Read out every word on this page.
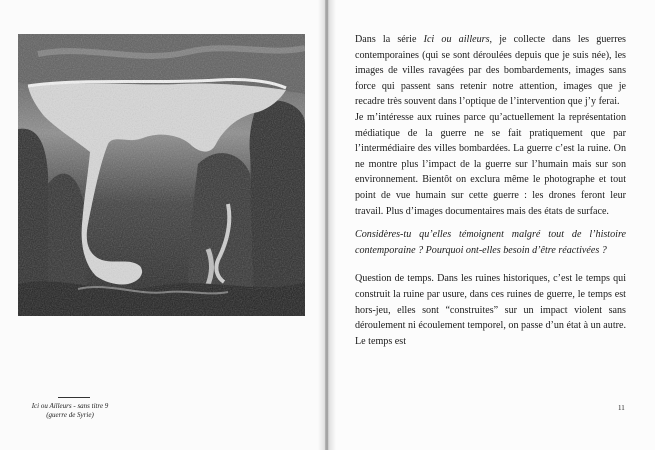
Ici ou Ailleurs - sans titre 9
(guerre de Syrie)

Dans la série Ici ou ailleurs, je collecte dans les guerres contemporaines (qui se sont déroulées depuis que je suis née), les images de villes ravagées par des bombardements, images sans force qui passent sans retenir notre attention, images que je recadre très souvent dans l’optique de l’intervention que j’y ferai.

Je m’intéresse aux ruines parce qu’actuellement la représentation médiatique de la guerre ne se fait pratiquement que par l’intermédiaire des villes bombardées. La guerre c’est la ruine. On ne montre plus l’impact de la guerre sur l’humain mais sur son environnement. Bientôt on exclura même le photographe et tout point de vue humain sur cette guerre : les drones feront leur travail. Plus d’images documentaires mais des états de surface.

Considères-tu qu’elles témoignent malgré tout de l’histoire contemporaine ? Pourquoi ont-elles besoin d’être réactivées ?

Question de temps. Dans les ruines historiques, c’est le temps qui construit la ruine par usure, dans ces ruines de guerre, le temps est hors-jeu, elles sont “construites” sur un impact violent sans déroulement ni écoulement temporel, on passe d’un état à un autre. Le temps est

11
